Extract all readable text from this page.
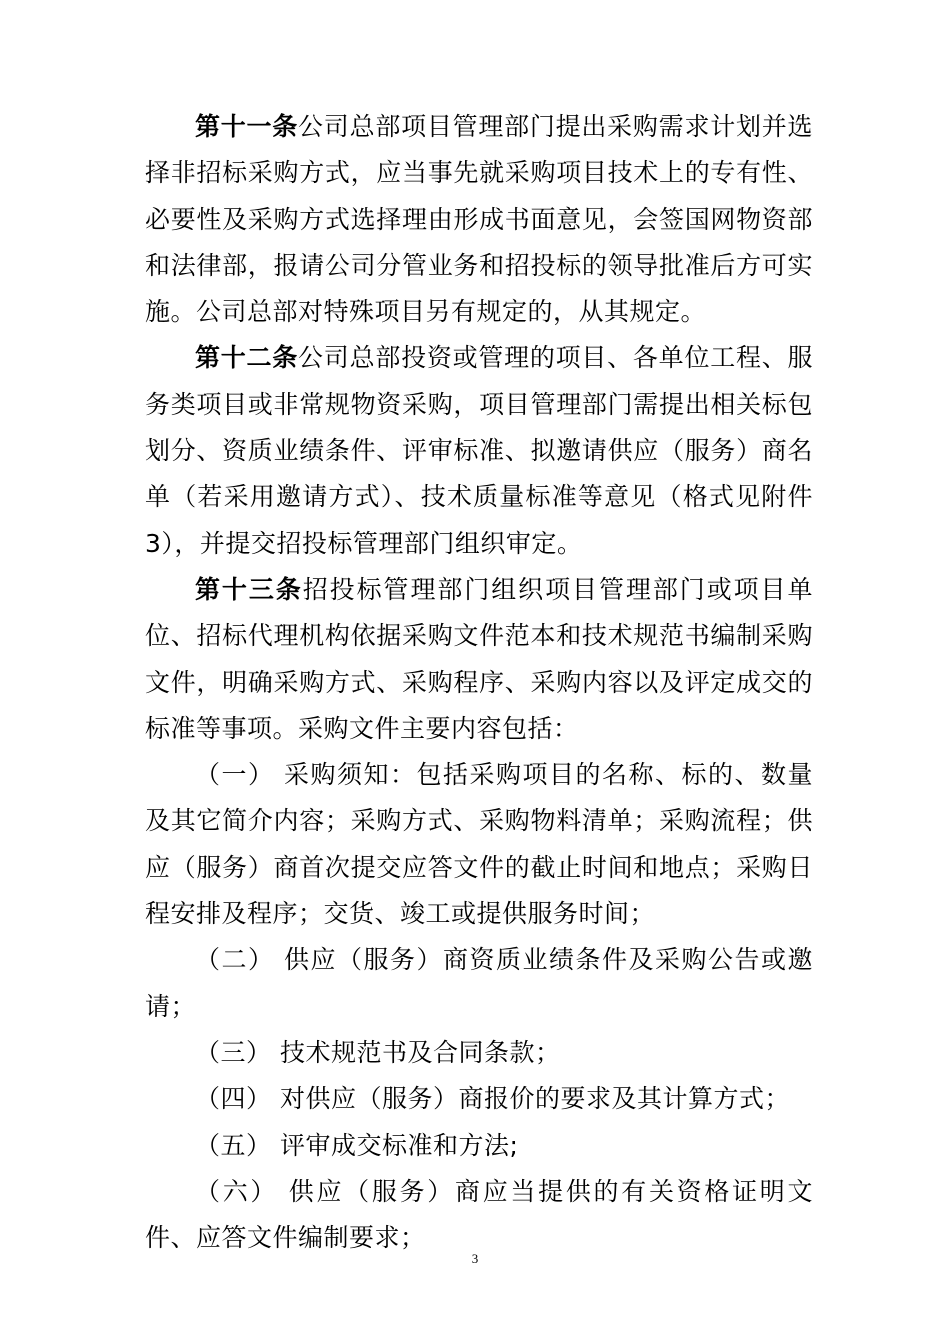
第十一条公司总部项目管理部门提出采购需求计划并选择非招标采购方式，应当事先就采购项目技术上的专有性、必要性及采购方式选择理由形成书面意见，会签国网物资部和法律部，报请公司分管业务和招投标的领导批准后方可实施。公司总部对特殊项目另有规定的，从其规定。

第十二条公司总部投资或管理的项目、各单位工程、服务类项目或非常规物资采购，项目管理部门需提出相关标包划分、资质业绩条件、评审标准、拟邀请供应（服务）商名单（若采用邀请方式）、技术质量标准等意见（格式见附件 3），并提交招投标管理部门组织审定。

第十三条招投标管理部门组织项目管理部门或项目单位、招标代理机构依据采购文件范本和技术规范书编制采购文件，明确采购方式、采购程序、采购内容以及评定成交的标准等事项。采购文件主要内容包括：

（一） 采购须知：包括采购项目的名称、标的、数量及其它简介内容；采购方式、采购物料清单；采购流程；供应（服务）商首次提交应答文件的截止时间和地点；采购日程安排及程序；交货、竣工或提供服务时间；

（二） 供应（服务）商资质业绩条件及采购公告或邀请；

（三） 技术规范书及合同条款；

（四） 对供应（服务）商报价的要求及其计算方式；

（五） 评审成交标准和方法;

（六） 供应（服务）商应当提供的有关资格证明文件、应答文件编制要求；

3
